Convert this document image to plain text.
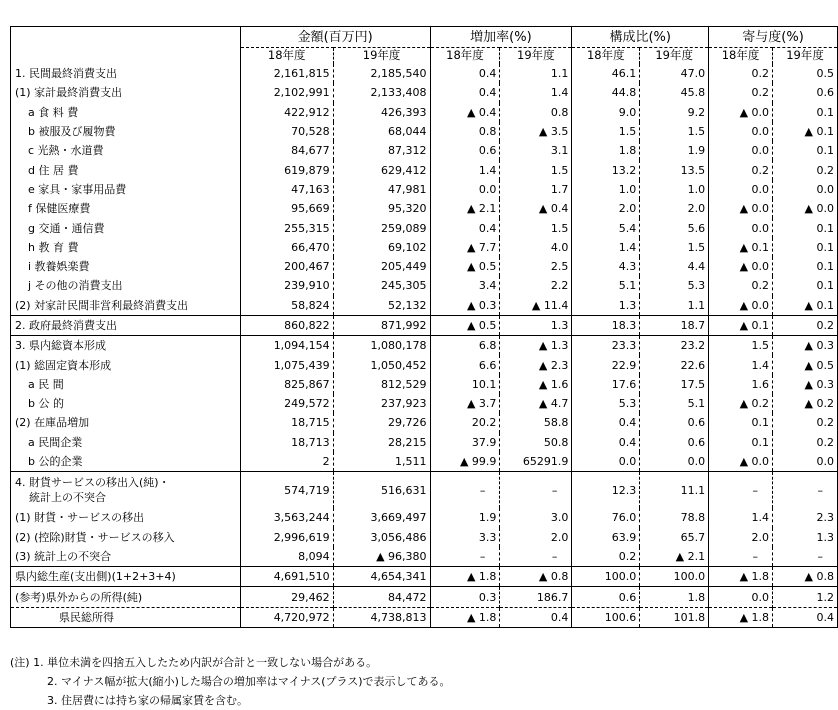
	金額(百万円)		増加率(%)		構成比(%)		寄与度(%)	
	18年度	19年度	18年度	19年度	18年度	19年度	18年度	19年度
1. 民間最終消費支出	2,161,815	2,185,540	0.4	1.1	46.1	47.0	0.2	0.5
(1) 家計最終消費支出	2,102,991	2,133,408	0.4	1.4	44.8	45.8	0.2	0.6
a 食 料 費	422,912	426,393	▲ 0.4	0.8	9.0	9.2	▲ 0.0	0.1
b 被服及び履物費	70,528	68,044	0.8	▲ 3.5	1.5	1.5	0.0	▲ 0.1
c 光熱・水道費	84,677	87,312	0.6	3.1	1.8	1.9	0.0	0.1
d 住 居 費	619,879	629,412	1.4	1.5	13.2	13.5	0.2	0.2
e 家具・家事用品費	47,163	47,981	0.0	1.7	1.0	1.0	0.0	0.0
f 保健医療費	95,669	95,320	▲ 2.1	▲ 0.4	2.0	2.0	▲ 0.0	▲ 0.0
g 交通・通信費	255,315	259,089	0.4	1.5	5.4	5.6	0.0	0.1
h 教 育 費	66,470	69,102	▲ 7.7	4.0	1.4	1.5	▲ 0.1	0.1
i 教養娯楽費	200,467	205,449	▲ 0.5	2.5	4.3	4.4	▲ 0.0	0.1
j その他の消費支出	239,910	245,305	3.4	2.2	5.1	5.3	0.2	0.1
(2) 対家計民間非営利最終消費支出	58,824	52,132	▲ 0.3	▲ 11.4	1.3	1.1	▲ 0.0	▲ 0.1
2. 政府最終消費支出	860,822	871,992	▲ 0.5	1.3	18.3	18.7	▲ 0.1	0.2
3. 県内総資本形成	1,094,154	1,080,178	6.8	▲ 1.3	23.3	23.2	1.5	▲ 0.3
(1) 総固定資本形成	1,075,439	1,050,452	6.6	▲ 2.3	22.9	22.6	1.4	▲ 0.5
a 民 間	825,867	812,529	10.1	▲ 1.6	17.6	17.5	1.6	▲ 0.3
b 公 的	249,572	237,923	▲ 3.7	▲ 4.7	5.3	5.1	▲ 0.2	▲ 0.2
(2) 在庫品増加	18,715	29,726	20.2	58.8	0.4	0.6	0.1	0.2
a 民間企業	18,713	28,215	37.9	50.8	0.4	0.6	0.1	0.2
b 公的企業	2	1,511	▲ 99.9	65291.9	0.0	0.0	▲ 0.0	0.0
4. 財貨サービスの移出入(純)・
統計上の不突合	574,719	516,631	–	–	12.3	11.1	–	–
(1) 財貨・サービスの移出	3,563,244	3,669,497	1.9	3.0	76.0	78.8	1.4	2.3
(2) (控除)財貨・サービスの移入	2,996,619	3,056,486	3.3	2.0	63.9	65.7	2.0	1.3
(3) 統計上の不突合	8,094	▲ 96,380	–	–	0.2	▲ 2.1	–	–
県内総生産(支出側)(1+2+3+4)	4,691,510	4,654,341	▲ 1.8	▲ 0.8	100.0	100.0	▲ 1.8	▲ 0.8
(参考)県外からの所得(純)	29,462	84,472	0.3	186.7	0.6	1.8	0.0	1.2
県民総所得	4,720,972	4,738,813	▲ 1.8	0.4	100.6	101.8	▲ 1.8	0.4
(注) 1. 単位未満を四捨五入したため内訳が合計と一致しない場合がある。
2. マイナス幅が拡大(縮小)した場合の増加率はマイナス(プラス)で表示してある。
3. 住居費には持ち家の帰属家賃を含む。
